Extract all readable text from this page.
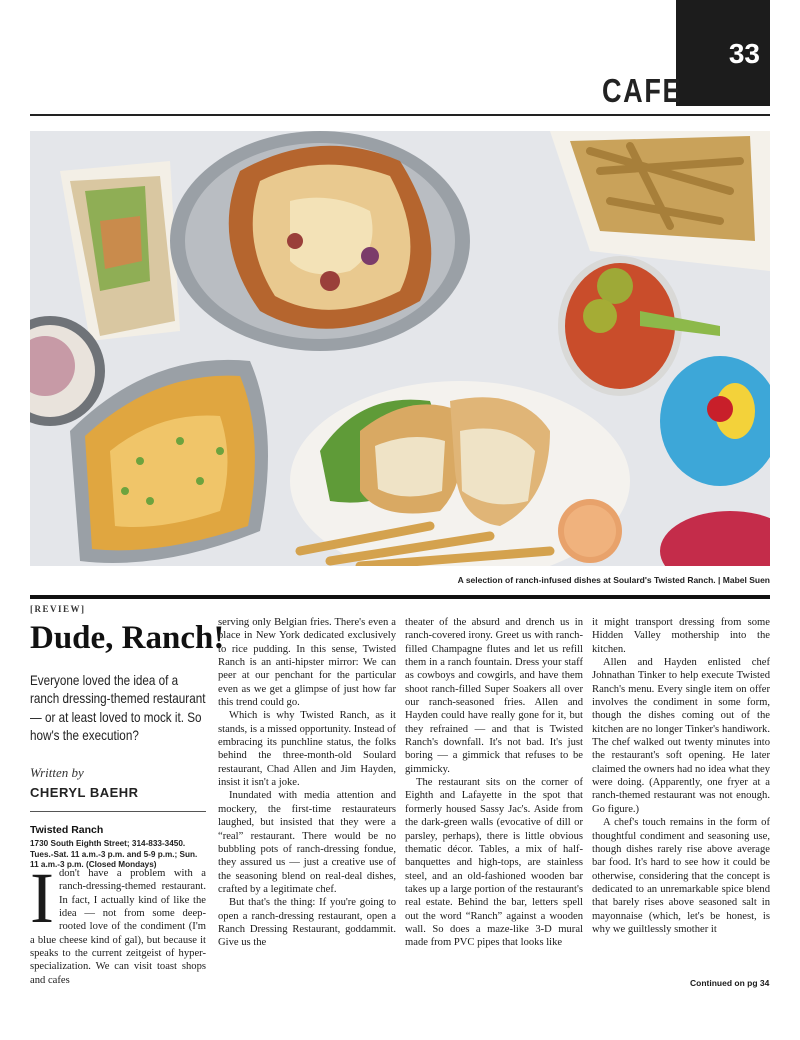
33
CAFE
A selection of ranch-infused dishes at Soulard's Twisted Ranch. | Mabel Suen
[REVIEW]
Dude, Ranch!
Everyone loved the idea of a ranch dressing-themed restaurant — or at least loved to mock it. So how's the execution?
Written by
CHERYL BAEHR
Twisted Ranch
1730 South Eighth Street; 314-833-3450.
Tues.-Sat. 11 a.m.-3 p.m. and 5-9 p.m.; Sun. 11 a.m.-3 p.m. (Closed Mondays)

Idon't have a problem with a ranch-dressing-themed restaurant. In fact, I actually kind of like the idea — not from some deep-rooted love of the condiment (I'm a blue cheese kind of gal), but because it speaks to the current zeitgeist of hyper-specialization. We can visit toast shops and cafes

serving only Belgian fries. There's even a place in New York dedicated exclusively to rice pudding. In this sense, Twisted Ranch is an anti-hipster mirror: We can peer at our penchant for the particular even as we get a glimpse of just how far this trend could go.

Which is why Twisted Ranch, as it stands, is a missed opportunity. Instead of embracing its punchline status, the folks behind the three-month-old Soulard restaurant, Chad Allen and Jim Hayden, insist it isn't a joke.

Inundated with media attention and mockery, the first-time restaurateurs laughed, but insisted that they were a “real” restaurant. There would be no bubbling pots of ranch-dressing fondue, they assured us — just a creative use of the seasoning blend on real-deal dishes, crafted by a legitimate chef.

But that's the thing: If you're going to open a ranch-dressing restaurant, open a Ranch Dressing Restaurant, goddammit. Give us the

theater of the absurd and drench us in ranch-covered irony. Greet us with ranch-filled Champagne flutes and let us refill them in a ranch fountain. Dress your staff as cowboys and cowgirls, and have them shoot ranch-filled Super Soakers all over our ranch-seasoned fries. Allen and Hayden could have really gone for it, but they refrained — and that is Twisted Ranch's downfall. It's not bad. It's just boring — a gimmick that refuses to be gimmicky.

The restaurant sits on the corner of Eighth and Lafayette in the spot that formerly housed Sassy Jac's. Aside from the dark-green walls (evocative of dill or parsley, perhaps), there is little obvious thematic décor. Tables, a mix of half-banquettes and high-tops, are stainless steel, and an old-fashioned wooden bar takes up a large portion of the restaurant's real estate. Behind the bar, letters spell out the word “Ranch” against a wooden wall. So does a maze-like 3-D mural made from PVC pipes that looks like

it might transport dressing from some Hidden Valley mothership into the kitchen.

Allen and Hayden enlisted chef Johnathan Tinker to help execute Twisted Ranch's menu. Every single item on offer involves the condiment in some form, though the dishes coming out of the kitchen are no longer Tinker's handiwork. The chef walked out twenty minutes into the restaurant's soft opening. He later claimed the owners had no idea what they were doing. (Apparently, one fryer at a ranch-themed restaurant was not enough. Go figure.)

A chef's touch remains in the form of thoughtful condiment and seasoning use, though dishes rarely rise above average bar food. It's hard to see how it could be otherwise, considering that the concept is dedicated to an unremarkable spice blend that barely rises above seasoned salt in mayonnaise (which, let's be honest, is why we guiltlessly smother it

Continued on pg 34
